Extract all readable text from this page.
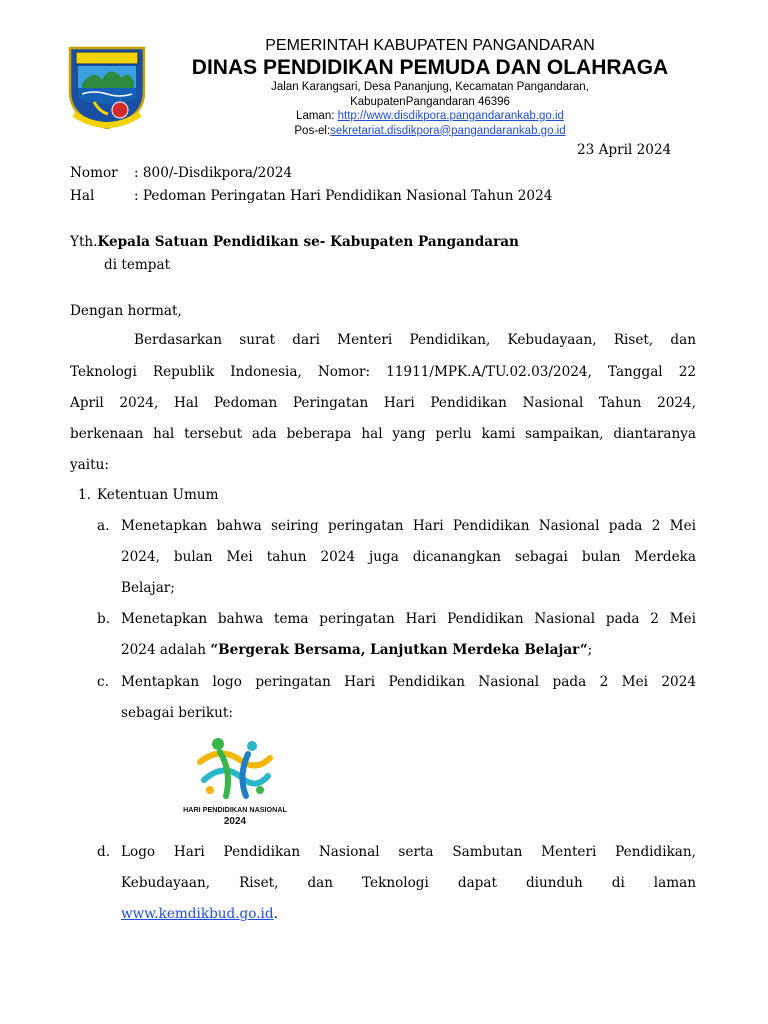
PEMERINTAH KABUPATEN PANGANDARAN
DINAS PENDIDIKAN PEMUDA DAN OLAHRAGA
Jalan Karangsari, Desa Pananjung, Kecamatan Pangandaran,
KabupatenPangandaran 46396
Laman: http://www.disdikpora.pangandarankab.go.id
Pos-el:sekretariat.disdikpora@pangandarankab.go.id
23 April 2024
Nomor : 800/-Disdikpora/2024
Hal	: Pedoman Peringatan Hari Pendidikan Nasional Tahun 2024
Yth.Kepala Satuan Pendidikan se- Kabupaten Pangandaran
di tempat
Dengan hormat,
Berdasarkan surat dari Menteri Pendidikan, Kebudayaan, Riset, dan
Teknologi Republik Indonesia, Nomor: 11911/MPK.A/TU.02.03/2024, Tanggal 22
April 2024, Hal Pedoman Peringatan Hari Pendidikan Nasional Tahun 2024,
berkenaan hal tersebut ada beberapa hal yang perlu kami sampaikan, diantaranya
yaitu:
1. Ketentuan Umum
a. Menetapkan bahwa seiring peringatan Hari Pendidikan Nasional pada 2 Mei
2024, bulan Mei tahun 2024 juga dicanangkan sebagai bulan Merdeka
Belajar;
b. Menetapkan bahwa tema peringatan Hari Pendidikan Nasional pada 2 Mei
2024 adalah “Bergerak Bersama, Lanjutkan Merdeka Belajar“;
c. Mentapkan logo peringatan Hari Pendidikan Nasional pada 2 Mei 2024
sebagai berikut:
HARI PENDIDIKAN NASIONAL
2024
d. Logo Hari Pendidikan Nasional serta Sambutan Menteri Pendidikan,
Kebudayaan, Riset, dan Teknologi dapat diunduh di laman
www.kemdikbud.go.id.
